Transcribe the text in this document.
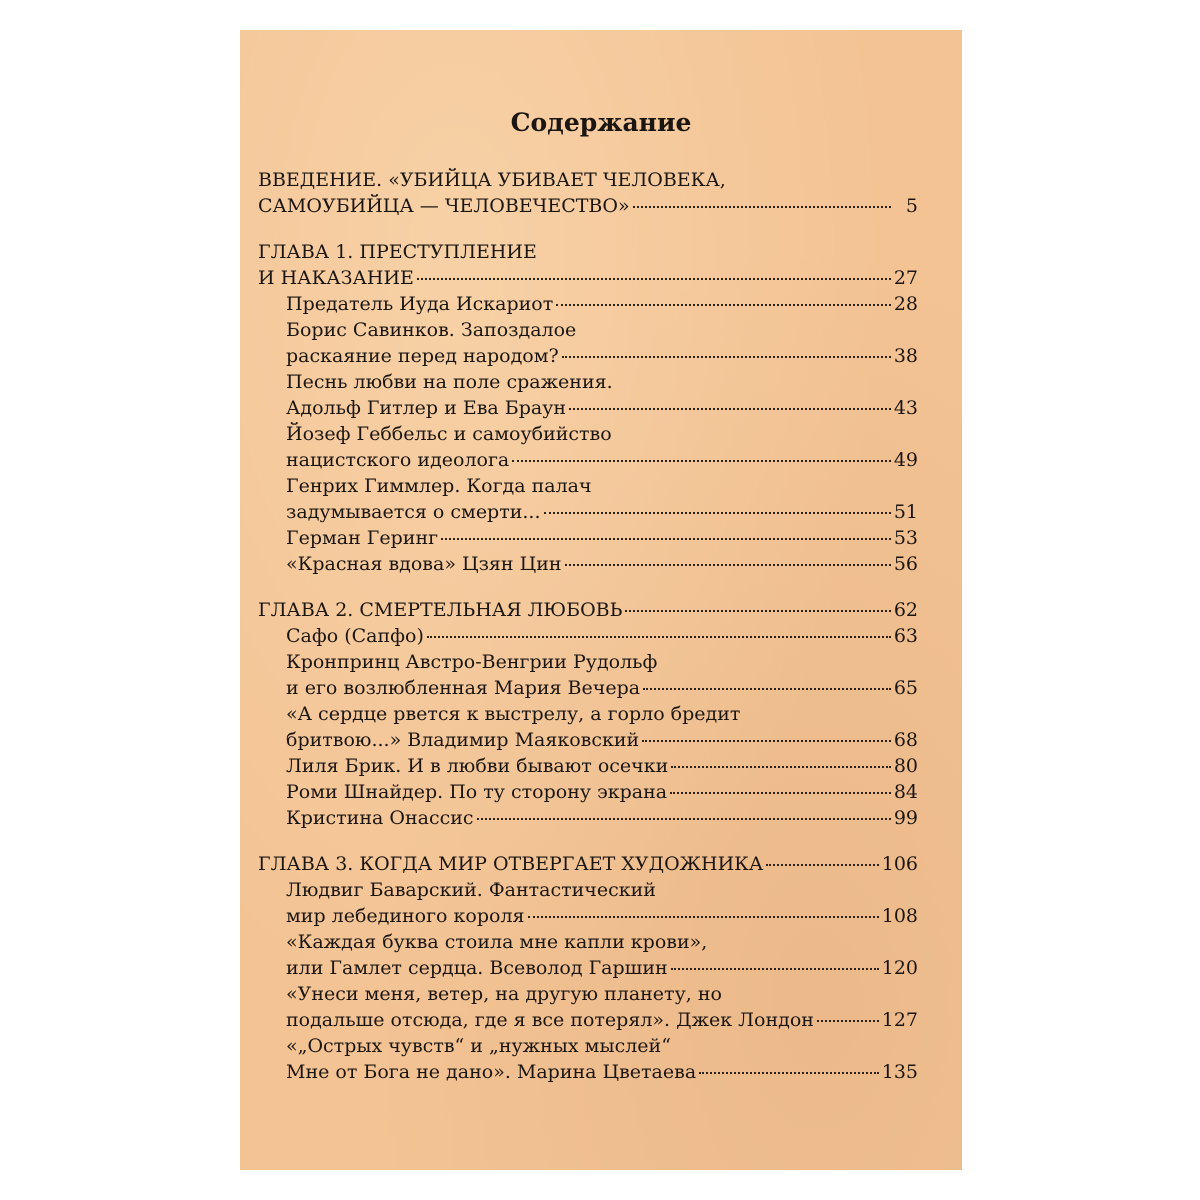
Содержание
ВВЕДЕНИЕ. «УБИЙЦА УБИВАЕТ ЧЕЛОВЕКА,
САМОУБИЙЦА — ЧЕЛОВЕЧЕСТВО»	5
ГЛАВА 1. ПРЕСТУПЛЕНИЕ
И НАКАЗАНИЕ	27
Предатель Иуда Искариот	28
Борис Савинков. Запоздалое
раскаяние перед народом?	38
Песнь любви на поле сражения.
Адольф Гитлер и Ева Браун	43
Йозеф Геббельс и самоубийство
нацистского идеолога	49
Генрих Гиммлер. Когда палач
задумывается о смерти...	51
Герман Геринг	53
«Красная вдова» Цзян Цин	56
ГЛАВА 2. СМЕРТЕЛЬНАЯ ЛЮБОВЬ	62
Сафо (Сапфо)	63
Кронпринц Австро-Венгрии Рудольф
и его возлюбленная Мария Вечера	65
«А сердце рвется к выстрелу, а горло бредит
бритвою...» Владимир Маяковский	68
Лиля Брик. И в любви бывают осечки	80
Роми Шнайдер. По ту сторону экрана	84
Кристина Онассис	99
ГЛАВА 3. КОГДА МИР ОТВЕРГАЕТ ХУДОЖНИКА	106
Людвиг Баварский. Фантастический
мир лебединого короля	108
«Каждая буква стоила мне капли крови»,
или Гамлет сердца. Всеволод Гаршин	120
«Унеси меня, ветер, на другую планету, но
подальше отсюда, где я все потерял». Джек Лондон	127
«„Острых чувств“ и „нужных мыслей“
Мне от Бога не дано». Марина Цветаева	135
